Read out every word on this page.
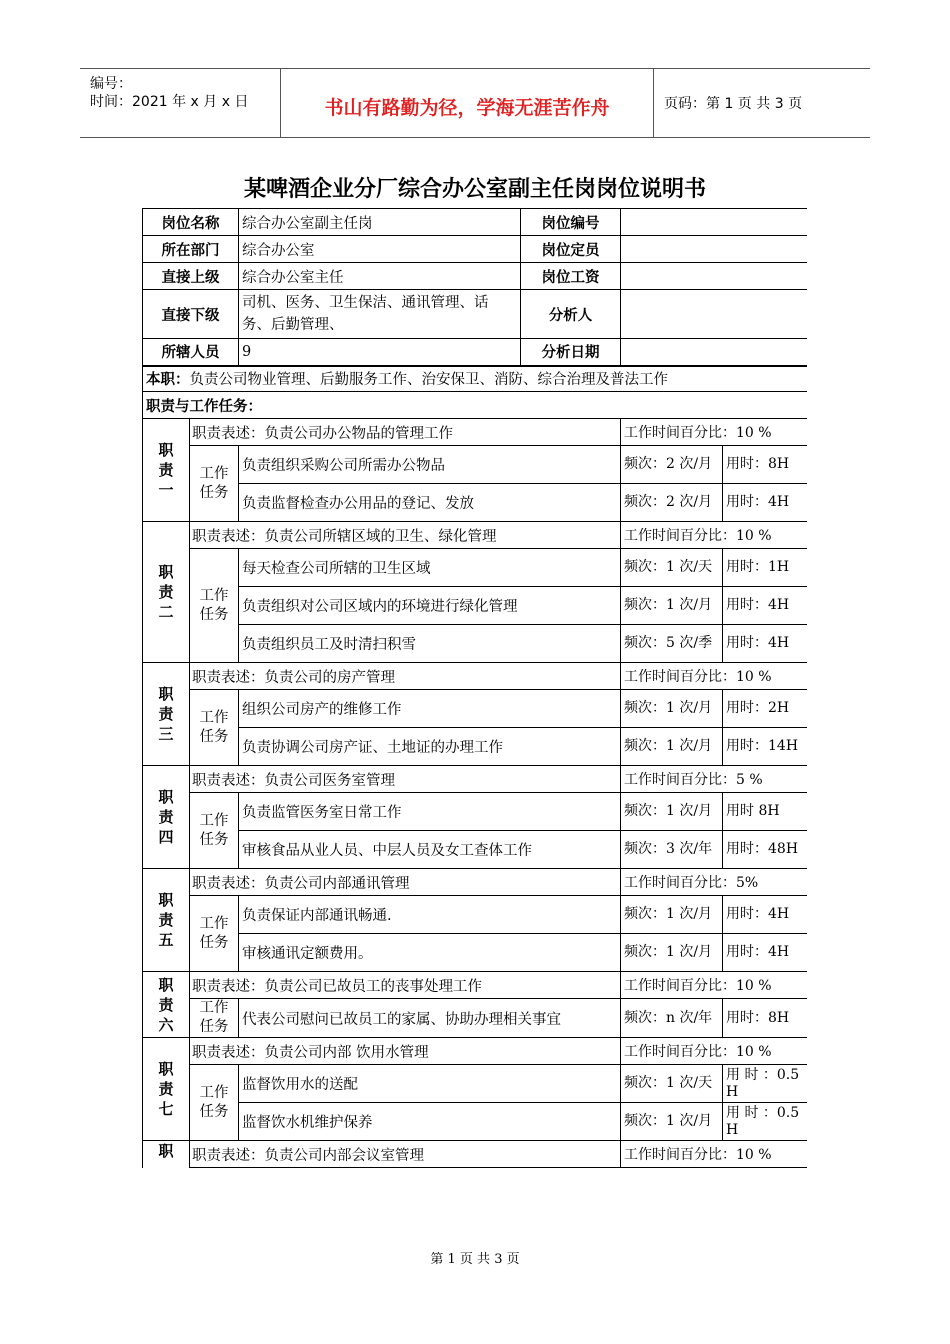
编号：
时间：2021 年 x 月 x 日	书山有路勤为径，学海无涯苦作舟	页码：第 1 页 共 3 页
某啤酒企业分厂综合办公室副主任岗岗位说明书
岗位名称		综合办公室副主任岗	岗位编号		
所在部门		综合办公室	岗位定员		
直接上级		综合办公室主任	岗位工资		
直接下级		司机、医务、卫生保洁、通讯管理、话务、后勤管理、	分析人		
所辖人员		9	分析日期		
本职：负责公司物业管理、后勤服务工作、治安保卫、消防、综合治理及普法工作					
职责与工作任务：					
职责一	职责表述：负责公司办公物品的管理工作			工作时间百分比：10 %	
	工作任务	负责组织采购公司所需办公物品		频次：2 次/月	用时：8H
		负责监督检查办公用品的登记、发放		频次：2 次/月	用时：4H
职责二	职责表述：负责公司所辖区域的卫生、绿化管理			工作时间百分比：10 %	
	工作任务	每天检查公司所辖的卫生区域		频次：1 次/天	用时：1H
		负责组织对公司区域内的环境进行绿化管理		频次：1 次/月	用时：4H
		负责组织员工及时清扫积雪		频次：5 次/季	用时：4H
职责三	职责表述：负责公司的房产管理			工作时间百分比：10 %	
	工作任务	组织公司房产的维修工作		频次：1 次/月	用时：2H
		负责协调公司房产证、土地证的办理工作		频次：1 次/月	用时：14H
职责四	职责表述：负责公司医务室管理			工作时间百分比：5 %	
	工作任务	负责监管医务室日常工作		频次：1 次/月	用时 8H
		审核食品从业人员、中层人员及女工查体工作		频次：3 次/年	用时：48H
职责五	职责表述：负责公司内部通讯管理			工作时间百分比：5%	
	工作任务	负责保证内部通讯畅通.		频次：1 次/月	用时：4H
		审核通讯定额费用。		频次：1 次/月	用时：4H
职责六	职责表述：负责公司已故员工的丧事处理工作			工作时间百分比：10 %	
	工作任务	代表公司慰问已故员工的家属、协助办理相关事宜		频次：n 次/年	用时：8H
职责七	职责表述：负责公司内部 饮用水管理			工作时间百分比：10 %	
	工作任务	监督饮用水的送配		频次：1 次/天	用 时 ：0.5H
		监督饮水机维护保养		频次：1 次/月	用 时 ：0.5H
职	职责表述：负责公司内部会议室管理			工作时间百分比：10 %	
第 1 页 共 3 页
